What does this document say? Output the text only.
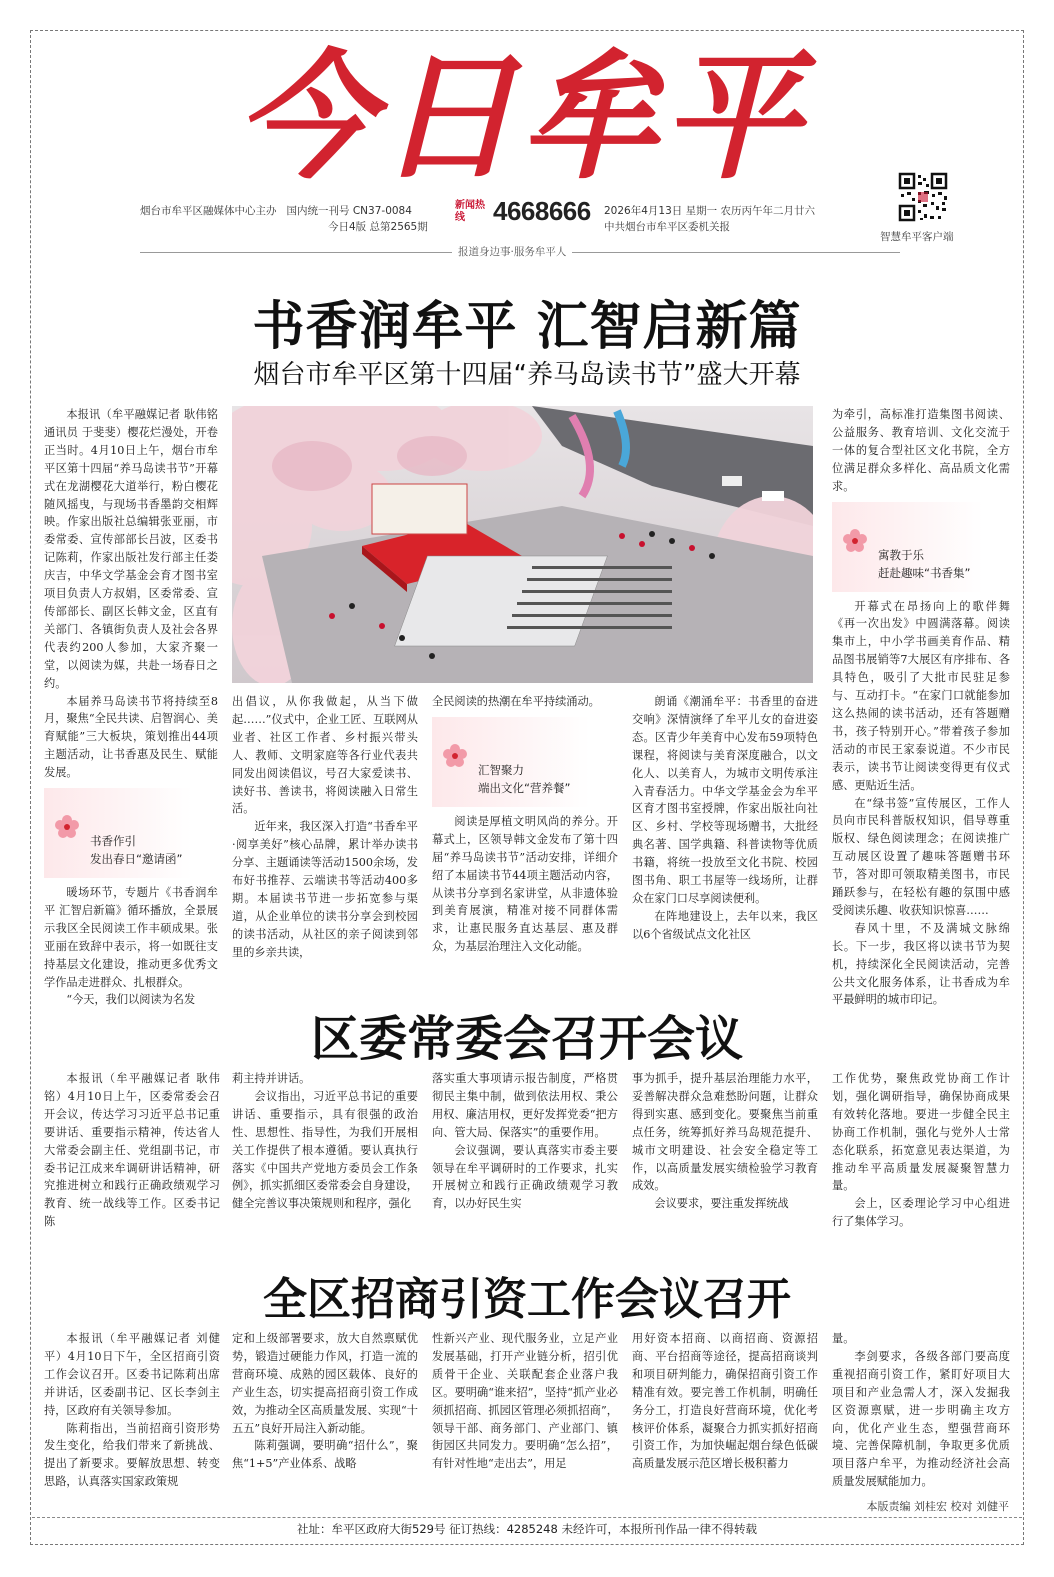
今日牟平
烟台市牟平区融媒体中心主办 国内统一刊号 CN37-0084
今日4版 总第2565期
新闻热线	4668666 2026年4月13日 星期一 农历丙午年二月廿六
中共烟台市牟平区委机关报
智慧牟平客户端
报道身边事·服务牟平人
书香润牟平 汇智启新篇
烟台市牟平区第十四届“养马岛读书节”盛大开幕

本报讯（牟平融媒记者 耿伟铭 通讯员 于斐斐）樱花烂漫处，开卷正当时。4月10日上午，烟台市牟平区第十四届“养马岛读书节”开幕式在龙湖樱花大道举行，粉白樱花随风摇曳，与现场书香墨韵交相辉映。作家出版社总编辑张亚丽，市委常委、宣传部部长吕波，区委书记陈莉，作家出版社发行部主任娄庆吉，中华文学基金会育才图书室项目负责人方叔娟，区委常委、宣传部部长、副区长韩文金，区直有关部门、各镇街负责人及社会各界代表约200人参加，大家齐聚一堂，以阅读为媒，共赴一场春日之约。

本届养马岛读书节将持续至8月，聚焦“全民共读、启智润心、美育赋能”三大板块，策划推出44项主题活动，让书香惠及民生、赋能发展。

书香作引
发出春日“邀请函”

暖场环节，专题片《书香润牟平 汇智启新篇》循环播放，全景展示我区全民阅读工作丰硕成果。张亚丽在致辞中表示，将一如既往支持基层文化建设，推动更多优秀文学作品走进群众、扎根群众。

“今天，我们以阅读为名发

出倡议，从你我做起，从当下做起……”仪式中，企业工匠、互联网从业者、社区工作者、乡村振兴带头人、教师、文明家庭等各行业代表共同发出阅读倡议，号召大家爱读书、读好书、善读书，将阅读融入日常生活。

近年来，我区深入打造“书香牟平·阅享美好”核心品牌，累计举办读书分享、主题诵读等活动1500余场，发布好书推荐、云端读书等活动400多期。本届读书节进一步拓宽参与渠道，从企业单位的读书分享会到校园的读书活动，从社区的亲子阅读到邻里的乡亲共读，

全民阅读的热潮在牟平持续涌动。

汇智聚力
端出文化“营养餐”

阅读是厚植文明风尚的养分。开幕式上，区领导韩文金发布了第十四届“养马岛读书节”活动安排，详细介绍了本届读书节44项主题活动内容，从读书分享到名家讲堂，从非遗体验到美育展演，精准对接不同群体需求，让惠民服务直达基层、惠及群众，为基层治理注入文化动能。

朗诵《潮涌牟平：书香里的奋进交响》深情演绎了牟平儿女的奋进姿态。区青少年美育中心发布59项特色课程，将阅读与美育深度融合，以文化人、以美育人，为城市文明传承注入青春活力。中华文学基金会为牟平区育才图书室授牌，作家出版社向社区、乡村、学校等现场赠书，大批经典名著、国学典籍、科普读物等优质书籍，将统一投放至文化书院、校园图书角、职工书屋等一线场所，让群众在家门口尽享阅读便利。

在阵地建设上，去年以来，我区以6个省级试点文化社区

为牵引，高标准打造集图书阅读、公益服务、教育培训、文化交流于一体的复合型社区文化书院，全方位满足群众多样化、高品质文化需求。

寓教于乐
赶赴趣味“书香集”

开幕式在昂扬向上的歌伴舞《再一次出发》中圆满落幕。阅读集市上，中小学书画美育作品、精品图书展销等7大展区有序排布、各具特色，吸引了大批市民驻足参与、互动打卡。“在家门口就能参加这么热闹的读书活动，还有答题赠书，孩子特别开心。”带着孩子参加活动的市民王家泰说道。不少市民表示，读书节让阅读变得更有仪式感、更贴近生活。

在“绿书签”宣传展区，工作人员向市民科普版权知识，倡导尊重版权、绿色阅读理念；在阅读推广互动展区设置了趣味答题赠书环节，答对即可领取精美图书，市民踊跃参与，在轻松有趣的氛围中感受阅读乐趣、收获知识惊喜……

春风十里，不及满城文脉绵长。下一步，我区将以读书节为契机，持续深化全民阅读活动，完善公共文化服务体系，让书香成为牟平最鲜明的城市印记。

区委常委会召开会议

本报讯（牟平融媒记者 耿伟铭）4月10日上午，区委常委会召开会议，传达学习习近平总书记重要讲话、重要指示精神，传达省人大常委会副主任、党组副书记，市委书记江成来牟调研讲话精神，研究推进树立和践行正确政绩观学习教育、统一战线等工作。区委书记陈

莉主持并讲话。

会议指出，习近平总书记的重要讲话、重要指示，具有很强的政治性、思想性、指导性，为我们开展相关工作提供了根本遵循。要认真执行落实《中国共产党地方委员会工作条例》，抓实抓细区委常委会自身建设，健全完善议事决策规则和程序，强化

落实重大事项请示报告制度，严格贯彻民主集中制，做到依法用权、秉公用权、廉洁用权，更好发挥党委“把方向、管大局、保落实”的重要作用。

会议强调，要认真落实市委主要领导在牟平调研时的工作要求，扎实开展树立和践行正确政绩观学习教育，以办好民生实

事为抓手，提升基层治理能力水平，妥善解决群众急难愁盼问题，让群众得到实惠、感到变化。要聚焦当前重点任务，统筹抓好养马岛规范提升、城市文明建设、社会安全稳定等工作，以高质量发展实绩检验学习教育成效。

会议要求，要注重发挥统战

工作优势，聚焦政党协商工作计划，强化调研指导，确保协商成果有效转化落地。要进一步健全民主协商工作机制，强化与党外人士常态化联系，拓宽意见表达渠道，为推动牟平高质量发展凝聚智慧力量。

会上，区委理论学习中心组进行了集体学习。

全区招商引资工作会议召开

本报讯（牟平融媒记者 刘健平）4月10日下午，全区招商引资工作会议召开。区委书记陈莉出席并讲话，区委副书记、区长李剑主持，区政府有关领导参加。

陈莉指出，当前招商引资形势发生变化，给我们带来了新挑战、提出了新要求。要解放思想、转变思路，认真落实国家政策规

定和上级部署要求，放大自然禀赋优势，锻造过硬能力作风，打造一流的营商环境、成熟的园区载体、良好的产业生态，切实提高招商引资工作成效，为推动全区高质量发展、实现“十五五”良好开局注入新动能。

陈莉强调，要明确“招什么”，聚焦“1+5”产业体系、战略

性新兴产业、现代服务业，立足产业发展基础，打开产业链分析，招引优质骨干企业、关联配套企业落户我区。要明确“谁来招”，坚持“抓产业必须抓招商、抓园区管理必须抓招商”，领导干部、商务部门、产业部门、镇街园区共同发力。要明确“怎么招”，有针对性地“走出去”，用足

用好资本招商、以商招商、资源招商、平台招商等途径，提高招商谈判和项目研判能力，确保招商引资工作精准有效。要完善工作机制，明确任务分工，打造良好营商环境，优化考核评价体系，凝聚合力抓实抓好招商引资工作，为加快崛起烟台绿色低碳高质量发展示范区增长极积蓄力

量。

李剑要求，各级各部门要高度重视招商引资工作，紧盯好项目大项目和产业急需人才，深入发掘我区资源禀赋，进一步明确主攻方向，优化产业生态，塑强营商环境、完善保障机制，争取更多优质项目落户牟平，为推动经济社会高质量发展赋能加力。

本版责编 刘桂宏 校对 刘健平
社址：牟平区政府大街529号 征订热线：4285248 未经许可，本报所刊作品一律不得转载
